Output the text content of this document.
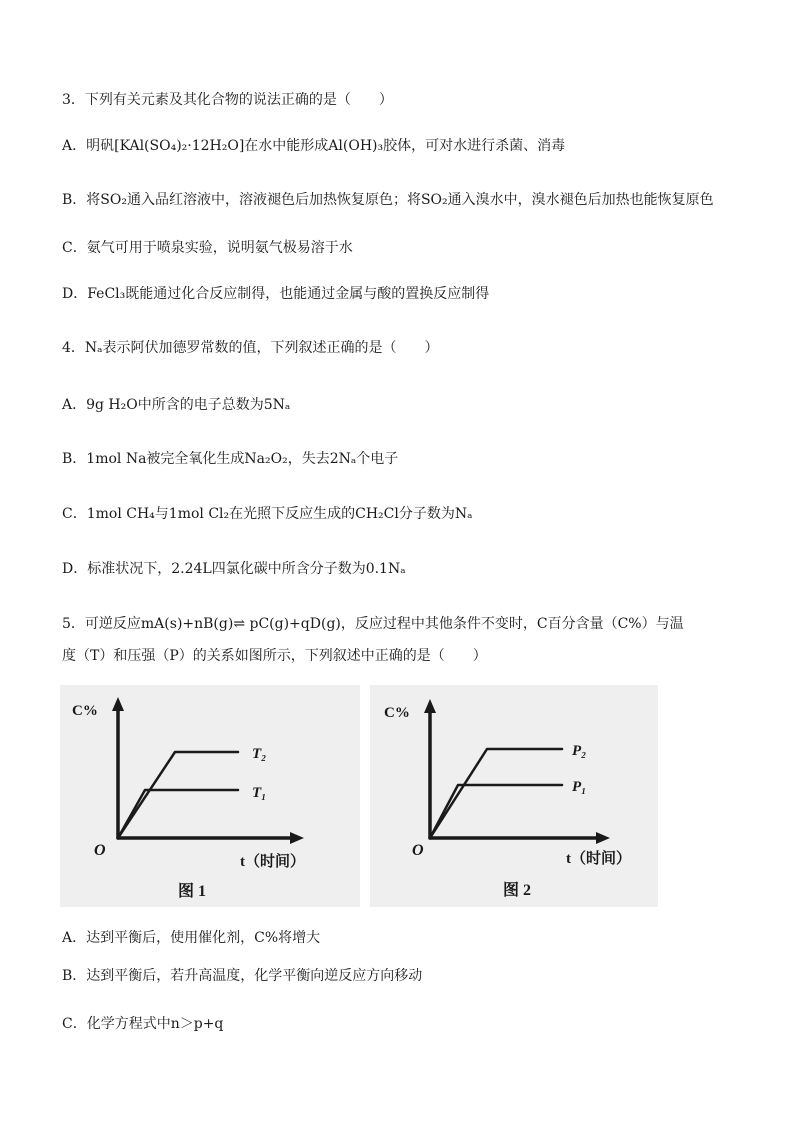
3．下列有关元素及其化合物的说法正确的是（　　）
A．明矾[KAl(SO₄)₂·12H₂O]在水中能形成Al(OH)₃胶体，可对水进行杀菌、消毒
B．将SO₂通入品红溶液中，溶液褪色后加热恢复原色；将SO₂通入溴水中，溴水褪色后加热也能恢复原色
C．氨气可用于喷泉实验，说明氨气极易溶于水
D．FeCl₃既能通过化合反应制得，也能通过金属与酸的置换反应制得
4．Nₐ表示阿伏加德罗常数的值，下列叙述正确的是（　　）
A．9g H₂O中所含的电子总数为5Nₐ
B．1mol Na被完全氧化生成Na₂O₂，失去2Nₐ个电子
C．1mol CH₄与1mol Cl₂在光照下反应生成的CH₂Cl分子数为Nₐ
D．标准状况下，2.24L四氯化碳中所含分子数为0.1Nₐ
5．可逆反应mA(s)+nB(g)⇌ pC(g)+qD(g)，反应过程中其他条件不变时，C百分含量（C%）与温
度（T）和压强（P）的关系如图所示，下列叙述中正确的是（　　）
C%
O
t（时间）
T₂
T₁
图 1
C%
O	t（时间）
P₂
P₁
图 2
A．达到平衡后，使用催化剂，C%将增大
B．达到平衡后，若升高温度，化学平衡向逆反应方向移动
C．化学方程式中n＞p+q
